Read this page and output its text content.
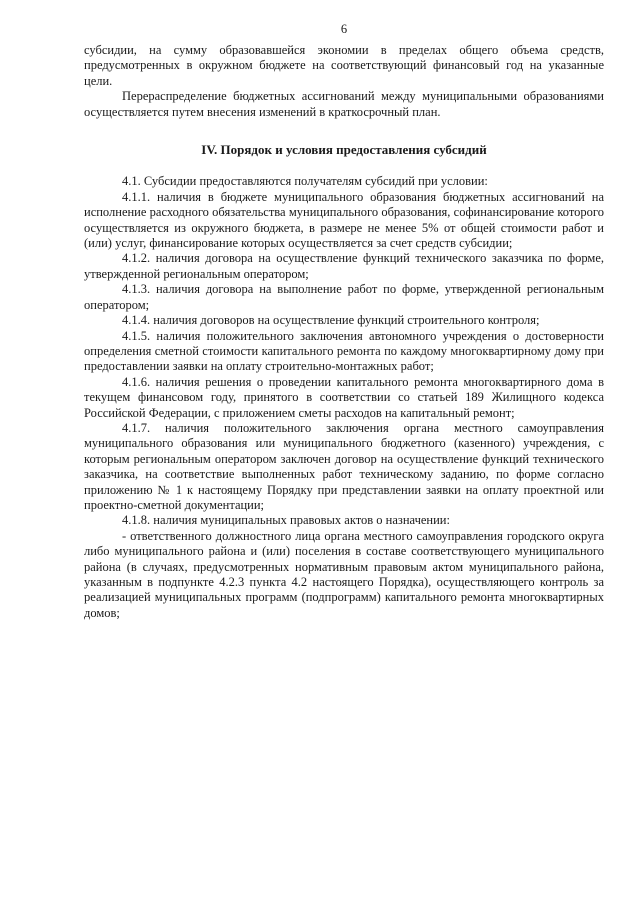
6

субсидии, на сумму образовавшейся экономии в пределах общего объема средств, предусмотренных в окружном бюджете на соответствующий финансовый год на указанные цели.

Перераспределение бюджетных ассигнований между муниципальными образованиями осуществляется путем внесения изменений в краткосрочный план.

IV. Порядок и условия предоставления субсидий

4.1. Субсидии предоставляются получателям субсидий при условии:

4.1.1. наличия в бюджете муниципального образования бюджетных ассигнований на исполнение расходного обязательства муниципального образования, софинансирование которого осуществляется из окружного бюджета, в размере не менее 5% от общей стоимости работ и (или) услуг, финансирование которых осуществляется за счет средств субсидии;

4.1.2. наличия договора на осуществление функций технического заказчика по форме, утвержденной региональным оператором;

4.1.3. наличия договора на выполнение работ по форме, утвержденной региональным оператором;

4.1.4. наличия договоров на осуществление функций строительного контроля;

4.1.5. наличия положительного заключения автономного учреждения о достоверности определения сметной стоимости капитального ремонта по каждому многоквартирному дому при предоставлении заявки на оплату строительно-монтажных работ;

4.1.6. наличия решения о проведении капитального ремонта многоквартирного дома в текущем финансовом году, принятого в соответствии со статьей 189 Жилищного кодекса Российской Федерации, с приложением сметы расходов на капитальный ремонт;

4.1.7. наличия положительного заключения органа местного самоуправления муниципального образования или муниципального бюджетного (казенного) учреждения, с которым региональным оператором заключен договор на осуществление функций технического заказчика, на соответствие выполненных работ техническому заданию, по форме согласно приложению № 1 к настоящему Порядку при представлении заявки на оплату проектной или проектно-сметной документации;

4.1.8. наличия муниципальных правовых актов о назначении:

- ответственного должностного лица органа местного самоуправления городского округа либо муниципального района и (или) поселения в составе соответствующего муниципального района (в случаях, предусмотренных нормативным правовым актом муниципального района, указанным в подпункте 4.2.3 пункта 4.2 настоящего Порядка), осуществляющего контроль за реализацией муниципальных программ (подпрограмм) капитального ремонта многоквартирных домов;
